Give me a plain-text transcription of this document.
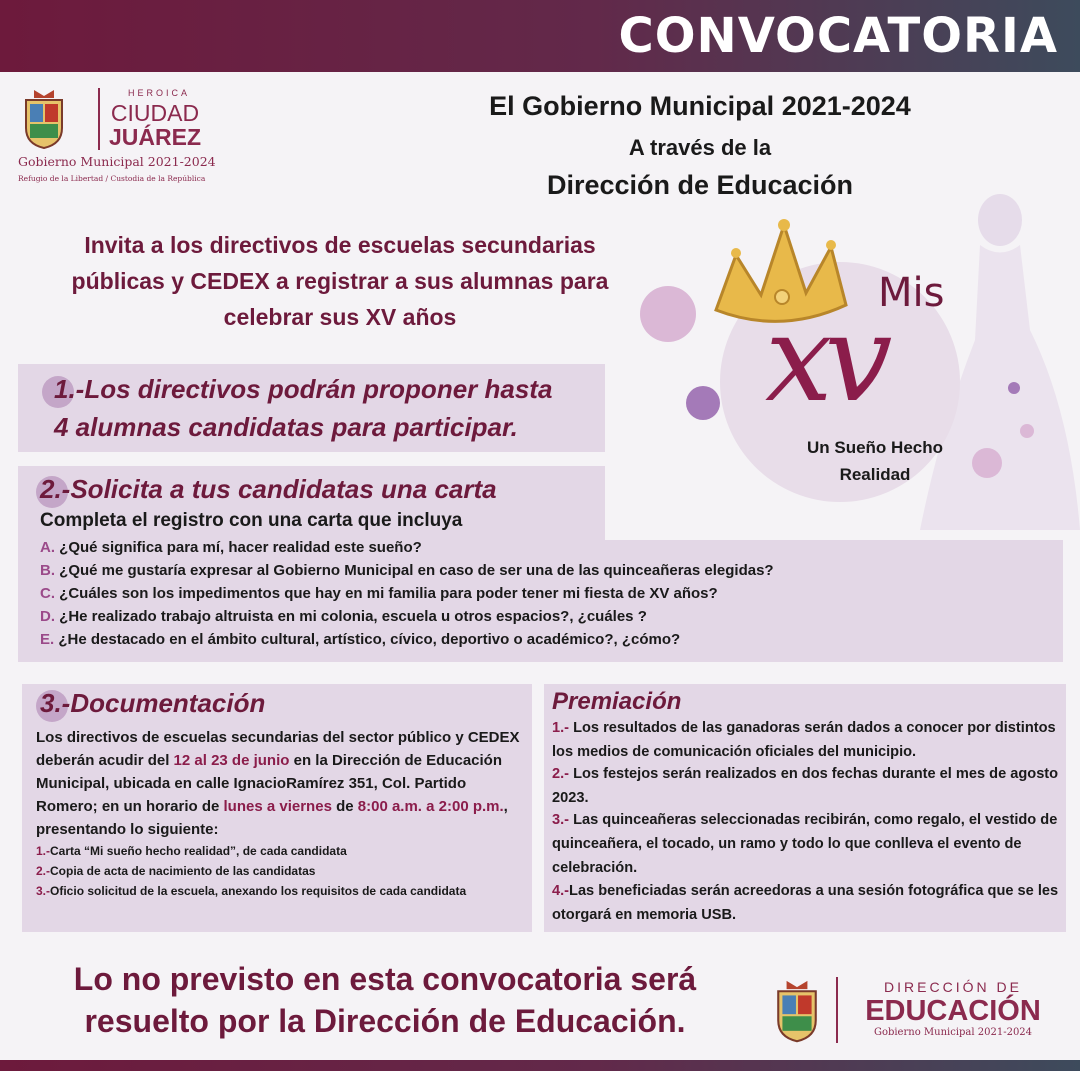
CONVOCATORIA
HEROICA
CIUDAD
JUÁREZ
Gobierno Municipal 2021-2024
Refugio de la Libertad / Custodia de la República
El Gobierno Municipal 2021-2024
A través de la
Dirección de Educación
Invita a los directivos de escuelas secundarias
públicas y CEDEX a registrar a sus alumnas para
celebrar sus XV años
Mis
xv
Un Sueño Hecho
Realidad
1.-Los directivos podrán proponer hasta
4 alumnas candidatas para participar.
2.-Solicita a tus candidatas una carta
Completa el registro con una carta que incluya
A. ¿Qué significa para mí, hacer realidad este sueño?
B. ¿Qué me gustaría expresar al Gobierno Municipal en caso de ser una de las quinceañeras elegidas?
C. ¿Cuáles son los impedimentos que hay en mi familia para poder tener mi fiesta de XV años?
D. ¿He realizado trabajo altruista en mi colonia, escuela u otros espacios?, ¿cuáles ?
E. ¿He destacado en el ámbito cultural, artístico, cívico, deportivo o académico?, ¿cómo?
3.-Documentación
Los directivos de escuelas secundarias del sector público y CEDEX deberán acudir del 12 al 23 de junio en la Dirección de Educación Municipal, ubicada en calle IgnacioRamírez 351, Col. Partido Romero; en un horario de lunes a viernes de 8:00 a.m. a 2:00 p.m., presentando lo siguiente:
1.-Carta “Mi sueño hecho realidad”, de cada candidata
2.-Copia de acta de nacimiento de las candidatas
3.-Oficio solicitud de la escuela, anexando los requisitos de cada candidata
Premiación
1.- Los resultados de las ganadoras serán dados a conocer por distintos los medios de comunicación oficiales del municipio.
2.- Los festejos serán realizados en dos fechas durante el mes de agosto 2023.
3.- Las quinceañeras seleccionadas recibirán, como regalo, el vestido de quinceañera, el tocado, un ramo y todo lo que conlleva el evento de celebración.
4.-Las beneficiadas serán acreedoras a una sesión fotográfica que se les otorgará en memoria USB.
Lo no previsto en esta convocatoria será
resuelto por la Dirección de Educación.
DIRECCIÓN DE
EDUCACIÓN
Gobierno Municipal 2021-2024
